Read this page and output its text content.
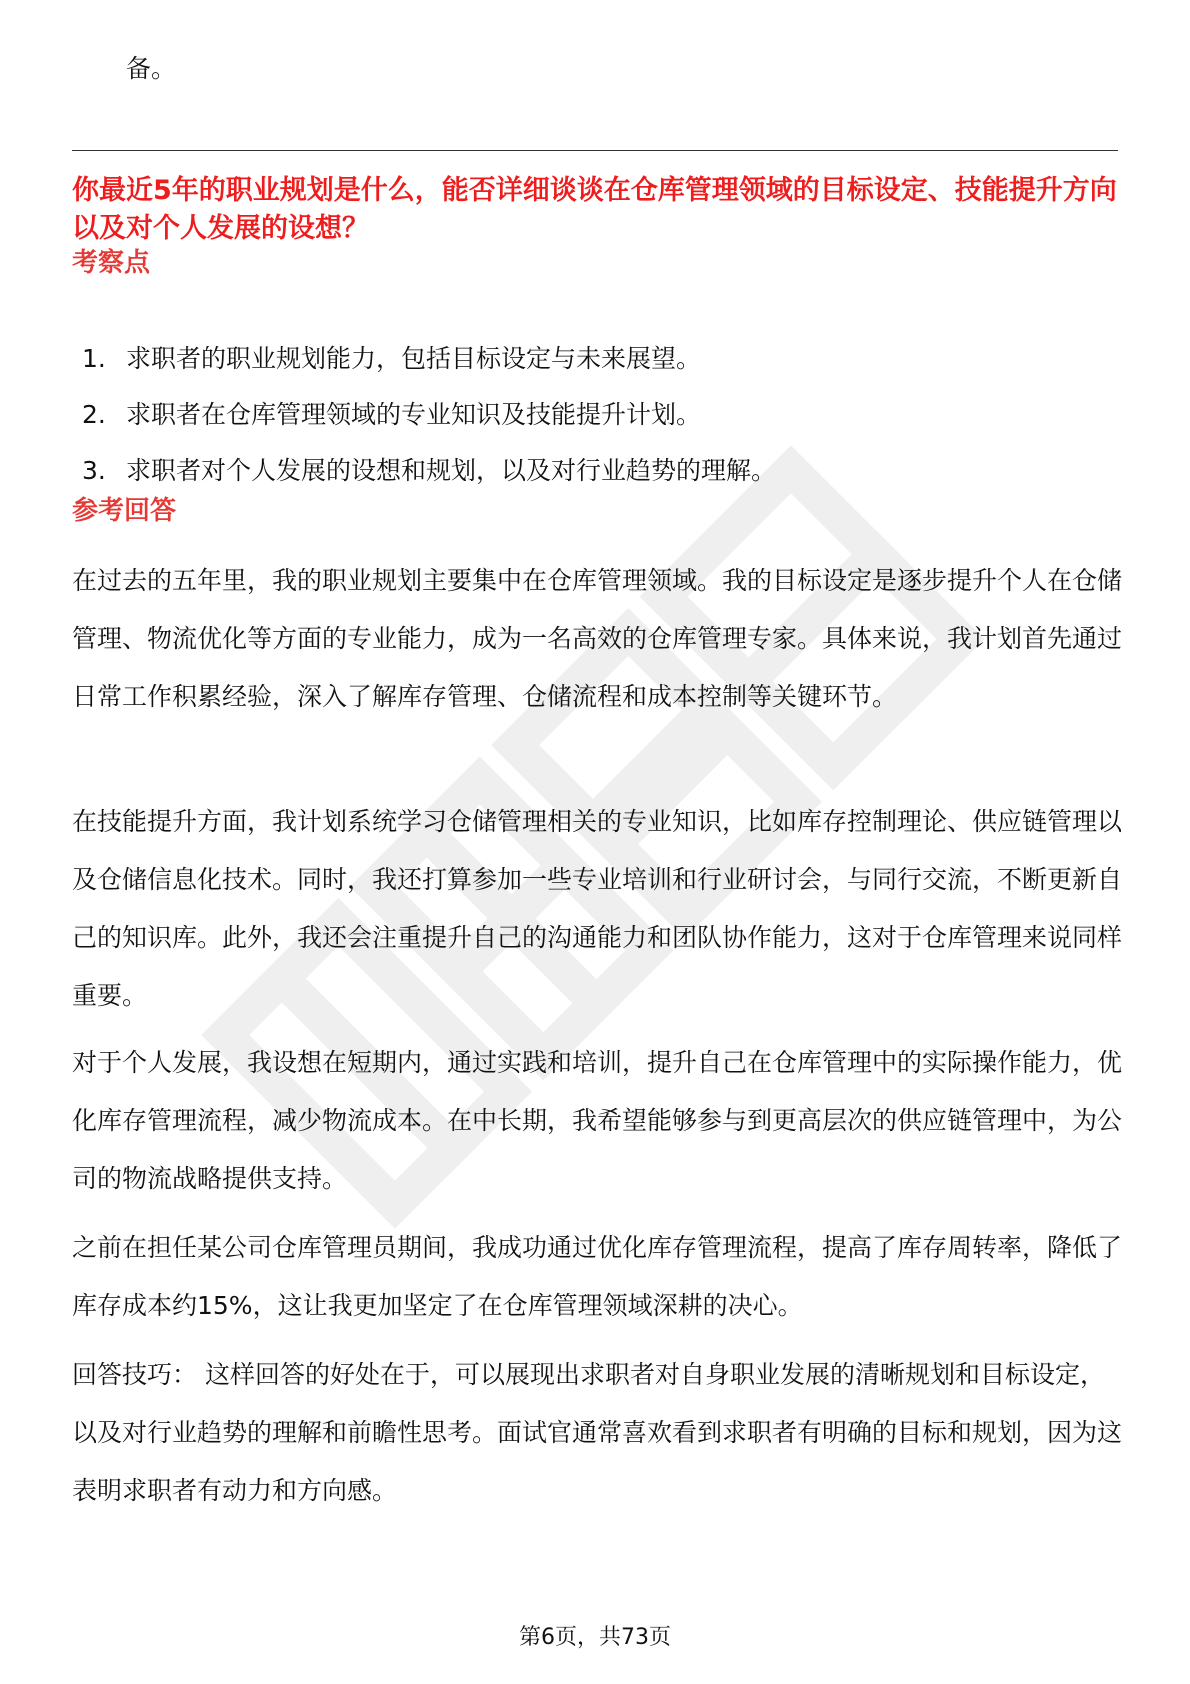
备。
你最近5年的职业规划是什么，能否详细谈谈在仓库管理领域的目标设定、技能提升方向以及对个人发展的设想？
考察点
1. 求职者的职业规划能力，包括目标设定与未来展望。
2. 求职者在仓库管理领域的专业知识及技能提升计划。
3. 求职者对个人发展的设想和规划，以及对行业趋势的理解。
参考回答

在过去的五年里，我的职业规划主要集中在仓库管理领域。我的目标设定是逐步提升个人在仓储管理、物流优化等方面的专业能力，成为一名高效的仓库管理专家。具体来说，我计划首先通过日常工作积累经验，深入了解库存管理、仓储流程和成本控制等关键环节。

在技能提升方面，我计划系统学习仓储管理相关的专业知识，比如库存控制理论、供应链管理以及仓储信息化技术。同时，我还打算参加一些专业培训和行业研讨会，与同行交流，不断更新自己的知识库。此外，我还会注重提升自己的沟通能力和团队协作能力，这对于仓库管理来说同样重要。

对于个人发展，我设想在短期内，通过实践和培训，提升自己在仓库管理中的实际操作能力，优化库存管理流程，减少物流成本。在中长期，我希望能够参与到更高层次的供应链管理中，为公司的物流战略提供支持。

之前在担任某公司仓库管理员期间，我成功通过优化库存管理流程，提高了库存周转率，降低了库存成本约15%，这让我更加坚定了在仓库管理领域深耕的决心。

回答技巧： 这样回答的好处在于，可以展现出求职者对自身职业发展的清晰规划和目标设定，以及对行业趋势的理解和前瞻性思考。面试官通常喜欢看到求职者有明确的目标和规划，因为这表明求职者有动力和方向感。

第6页，共73页
